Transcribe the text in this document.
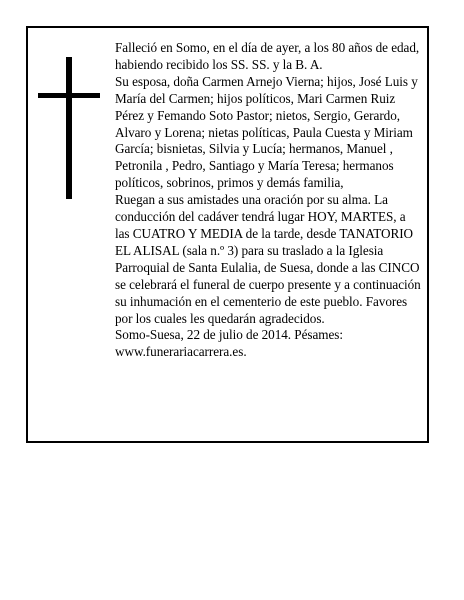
Falleció en Somo, en el día de ayer, a los 80 años de edad, habiendo recibido los SS. SS. y la B. A.

Su esposa, doña Carmen Arnejo Vierna; hijos, José Luis y María del Carmen; hijos políticos, Mari Carmen Ruiz Pérez y Femando Soto Pastor; nietos, Sergio, Gerardo, Alvaro y Lorena; nietas políticas, Paula Cuesta y Miriam García; bisnietas, Silvia y Lucía; hermanos, Manuel , Petronila , Pedro, Santiago y María Teresa; hermanos políticos, sobrinos, primos y demás familia,

Ruegan a sus amistades una oración por su alma. La conducción del cadáver tendrá lugar HOY, MARTES, a las CUATRO Y MEDIA de la tarde, desde TANATORIO EL ALISAL (sala n.º 3) para su traslado a la Iglesia Parroquial de Santa Eulalia, de Suesa, donde a las CINCO se celebrará el funeral de cuerpo presente y a continuación su inhumación en el cementerio de este pueblo. Favores por los cuales les quedarán agradecidos.

Somo-Suesa, 22 de julio de 2014. Pésames: www.funerariacarrera.es.
